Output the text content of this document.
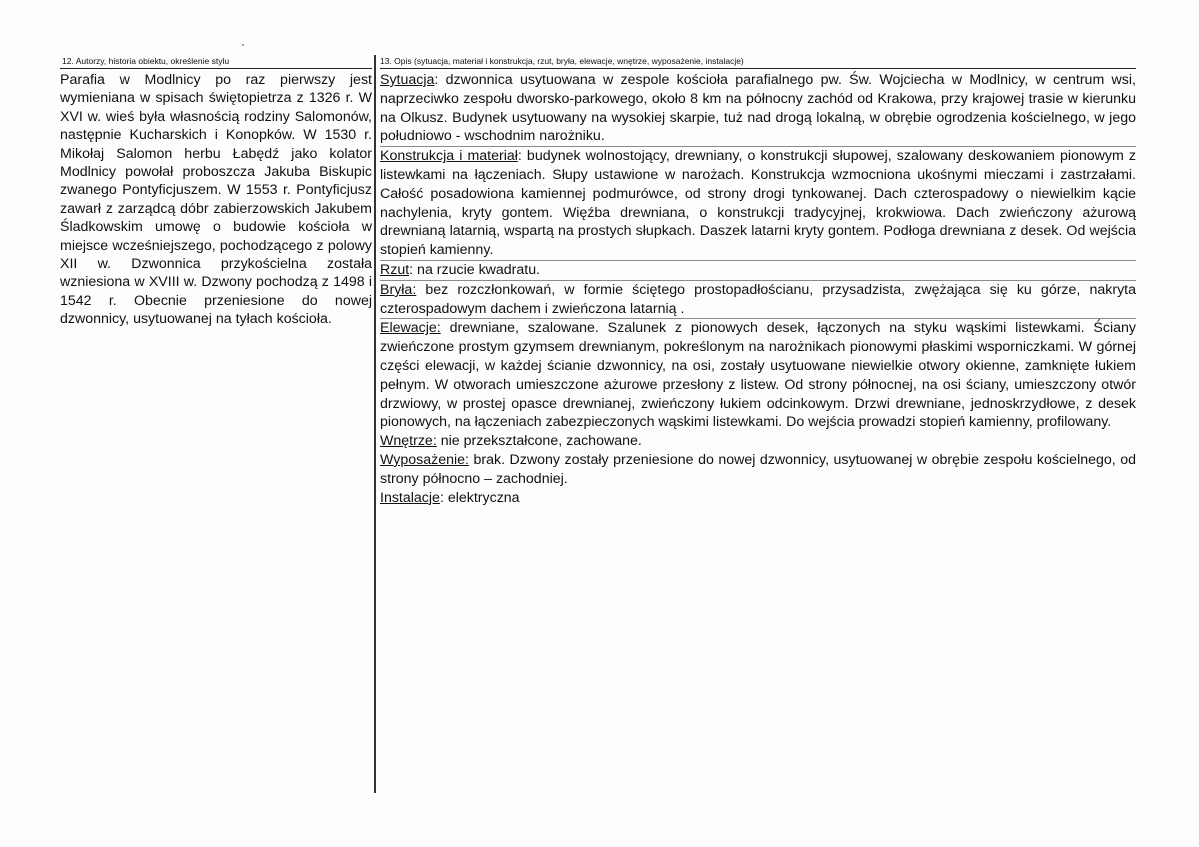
12. Autorzy, historia obiektu, określenie stylu
Parafia w Modlnicy po raz pierwszy jest wymieniana w spisach świętopietrza z 1326 r. W XVI w. wieś była własnością rodziny Salomonów, następnie Kucharskich i Konopków. W 1530 r. Mikołaj Salomon herbu Łabędź jako kolator Modlnicy powołał proboszcza Jakuba Biskupic zwanego Pontyficjuszem. W 1553 r. Pontyficjusz zawarł z zarządcą dóbr zabierzowskich Jakubem Śladkowskim umowę o budowie kościoła w miejsce wcześniejszego, pochodzącego z polowy XII w. Dzwonnica przykościelna została wzniesiona w XVIII w. Dzwony pochodzą z 1498 i 1542 r. Obecnie przeniesione do nowej dzwonnicy, usytuowanej na tyłach kościoła.
13. Opis (sytuacja, materiał i konstrukcja, rzut, bryła, elewacje, wnętrze, wyposażenie, instalacje)

Sytuacja: dzwonnica usytuowana w zespole kościoła parafialnego pw. Św. Wojciecha w Modlnicy, w centrum wsi, naprzeciwko zespołu dworsko-parkowego, około 8 km na północny zachód od Krakowa, przy krajowej trasie w kierunku na Olkusz. Budynek usytuowany na wysokiej skarpie, tuż nad drogą lokalną, w obrębie ogrodzenia kościelnego, w jego południowo - wschodnim narożniku.

Konstrukcja i materiał: budynek wolnostojący, drewniany, o konstrukcji słupowej, szalowany deskowaniem pionowym z listewkami na łączeniach. Słupy ustawione w narożach. Konstrukcja wzmocniona ukośnymi mieczami i zastrzałami. Całość posadowiona kamiennej podmurówce, od strony drogi tynkowanej. Dach czterospadowy o niewielkim kącie nachylenia, kryty gontem. Więźba drewniana, o konstrukcji tradycyjnej, krokwiowa. Dach zwieńczony ażurową drewnianą latarnią, wspartą na prostych słupkach. Daszek latarni kryty gontem. Podłoga drewniana z desek. Od wejścia stopień kamienny.

Rzut: na rzucie kwadratu.

Bryła: bez rozczłonkowań, w formie ściętego prostopadłościanu, przysadzista, zwężająca się ku górze, nakryta czterospadowym dachem i zwieńczona latarnią .

Elewacje: drewniane, szalowane. Szalunek z pionowych desek, łączonych na styku wąskimi listewkami. Ściany zwieńczone prostym gzymsem drewnianym, pokreślonym na narożnikach pionowymi płaskimi wsporniczkami. W górnej części elewacji, w każdej ścianie dzwonnicy, na osi, zostały usytuowane niewielkie otwory okienne, zamknięte łukiem pełnym. W otworach umieszczone ażurowe przesłony z listew. Od strony północnej, na osi ściany, umieszczony otwór drzwiowy, w prostej opasce drewnianej, zwieńczony łukiem odcinkowym. Drzwi drewniane, jednoskrzydłowe, z desek pionowych, na łączeniach zabezpieczonych wąskimi listewkami. Do wejścia prowadzi stopień kamienny, profilowany.

Wnętrze: nie przekształcone, zachowane.

Wyposażenie: brak. Dzwony zostały przeniesione do nowej dzwonnicy, usytuowanej w obrębie zespołu kościelnego, od strony północno – zachodniej.

Instalacje: elektryczna
